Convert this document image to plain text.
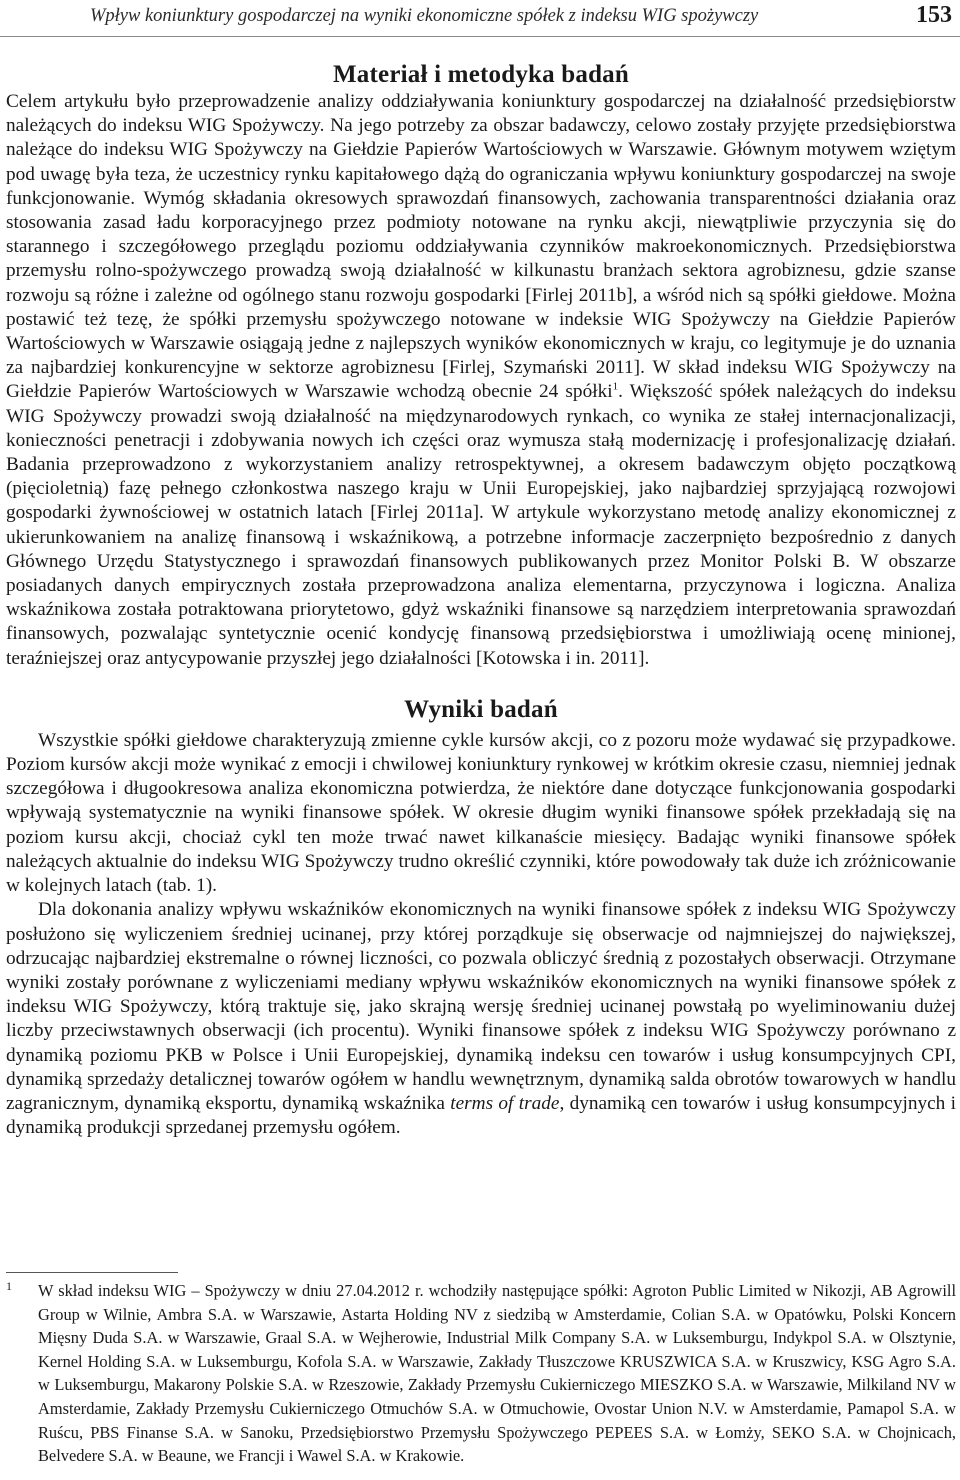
Wpływ koniunktury gospodarczej na wyniki ekonomiczne spółek z indeksu WIG spożywczy	153
Materiał i metodyka badań

Celem artykułu było przeprowadzenie analizy oddziaływania koniunktury gospodarczej na działalność przedsiębiorstw należących do indeksu WIG Spożywczy. Na jego potrzeby za obszar badawczy, celowo zostały przyjęte przedsiębiorstwa należące do indeksu WIG Spożywczy na Giełdzie Papierów Wartościowych w Warszawie. Głównym motywem wziętym pod uwagę była teza, że uczestnicy rynku kapitałowego dążą do ograniczania wpływu koniunktury gospodarczej na swoje funkcjonowanie. Wymóg składania okresowych sprawozdań finansowych, zachowania transparentności działania oraz stosowania zasad ładu korporacyjnego przez podmioty notowane na rynku akcji, niewątpliwie przyczynia się do starannego i szczegółowego przeglądu poziomu oddziaływania czynników makroekonomicznych. Przedsiębiorstwa przemysłu rolno-spożywczego prowadzą swoją działalność w kilkunastu branżach sektora agrobiznesu, gdzie szanse rozwoju są różne i zależne od ogólnego stanu rozwoju gospodarki [Firlej 2011b], a wśród nich są spółki giełdowe. Można postawić też tezę, że spółki przemysłu spożywczego notowane w indeksie WIG Spożywczy na Giełdzie Papierów Wartościowych w Warszawie osiągają jedne z najlepszych wyników ekonomicznych w kraju, co legitymuje je do uznania za najbardziej konkurencyjne w sektorze agrobiznesu [Firlej, Szymański 2011]. W skład indeksu WIG Spożywczy na Giełdzie Papierów Wartościowych w Warszawie wchodzą obecnie 24 spółki$^1$. Większość spółek należących do indeksu WIG Spożywczy prowadzi swoją działalność na międzynarodowych rynkach, co wynika ze stałej internacjonalizacji, konieczności penetracji i zdobywania nowych ich części oraz wymusza stałą modernizację i profesjonalizację działań. Badania przeprowadzono z wykorzystaniem analizy retrospektywnej, a okresem badawczym objęto początkową (pięcioletnią) fazę pełnego członkostwa naszego kraju w Unii Europejskiej, jako najbardziej sprzyjającą rozwojowi gospodarki żywnościowej w ostatnich latach [Firlej 2011a]. W artykule wykorzystano metodę analizy ekonomicznej z ukierunkowaniem na analizę finansową i wskaźnikową, a potrzebne informacje zaczerpnięto bezpośrednio z danych Głównego Urzędu Statystycznego i sprawozdań finansowych publikowanych przez Monitor Polski B. W obszarze posiadanych danych empirycznych została przeprowadzona analiza elementarna, przyczynowa i logiczna. Analiza wskaźnikowa została potraktowana priorytetowo, gdyż wskaźniki finansowe są narzędziem interpretowania sprawozdań finansowych, pozwalając syntetycznie ocenić kondycję finansową przedsiębiorstwa i umożliwiają ocenę minionej, teraźniejszej oraz antycypowanie przyszłej jego działalności [Kotowska i in. 2011].

Wyniki badań

Wszystkie spółki giełdowe charakteryzują zmienne cykle kursów akcji, co z pozoru może wydawać się przypadkowe. Poziom kursów akcji może wynikać z emocji i chwilowej koniunktury rynkowej w krótkim okresie czasu, niemniej jednak szczegółowa i długookresowa analiza ekonomiczna potwierdza, że niektóre dane dotyczące funkcjonowania gospodarki wpływają systematycznie na wyniki finansowe spółek. W okresie długim wyniki finansowe spółek przekładają się na poziom kursu akcji, chociaż cykl ten może trwać nawet kilkanaście miesięcy. Badając wyniki finansowe spółek należących aktualnie do indeksu WIG Spożywczy trudno określić czynniki, które powodowały tak duże ich zróżnicowanie w kolejnych latach (tab. 1).

Dla dokonania analizy wpływu wskaźników ekonomicznych na wyniki finansowe spółek z indeksu WIG Spożywczy posłużono się wyliczeniem średniej ucinanej, przy której porządkuje się obserwacje od najmniejszej do największej, odrzucając najbardziej ekstremalne o równej liczności, co pozwala obliczyć średnią z pozostałych obserwacji. Otrzymane wyniki zostały porównane z wyliczeniami mediany wpływu wskaźników ekonomicznych na wyniki finansowe spółek z indeksu WIG Spożywczy, którą traktuje się, jako skrajną wersję średniej ucinanej powstałą po wyeliminowaniu dużej liczby przeciwstawnych obserwacji (ich procentu). Wyniki finansowe spółek z indeksu WIG Spożywczy porównano z dynamiką poziomu PKB w Polsce i Unii Europejskiej, dynamiką indeksu cen towarów i usług konsumpcyjnych CPI, dynamiką sprzedaży detalicznej towarów ogółem w handlu wewnętrznym, dynamiką salda obrotów towarowych w handlu zagranicznym, dynamiką eksportu, dynamiką wskaźnika terms of trade, dynamiką cen towarów i usług konsumpcyjnych i dynamiką produkcji sprzedanej przemysłu ogółem.

1 W skład indeksu WIG – Spożywczy w dniu 27.04.2012 r. wchodziły następujące spółki: Agroton Public Limited w Nikozji, AB Agrowill Group w Wilnie, Ambra S.A. w Warszawie, Astarta Holding NV z siedzibą w Amsterdamie, Colian S.A. w Opatówku, Polski Koncern Mięsny Duda S.A. w Warszawie, Graal S.A. w Wejherowie, Industrial Milk Company S.A. w Luksemburgu, Indykpol S.A. w Olsztynie, Kernel Holding S.A. w Luksemburgu, Kofola S.A. w Warszawie, Zakłady Tłuszczowe KRUSZWICA S.A. w Kruszwicy, KSG Agro S.A. w Luksemburgu, Makarony Polskie S.A. w Rzeszowie, Zakłady Przemysłu Cukierniczego MIESZKO S.A. w Warszawie, Milkiland NV w Amsterdamie, Zakłady Przemysłu Cukierniczego Otmuchów S.A. w Otmuchowie, Ovostar Union N.V. w Amsterdamie, Pamapol S.A. w Ruścu, PBS Finanse S.A. w Sanoku, Przedsiębiorstwo Przemysłu Spożywczego PEPEES S.A. w Łomży, SEKO S.A. w Chojnicach, Belvedere S.A. w Beaune, we Francji i Wawel S.A. w Krakowie.
